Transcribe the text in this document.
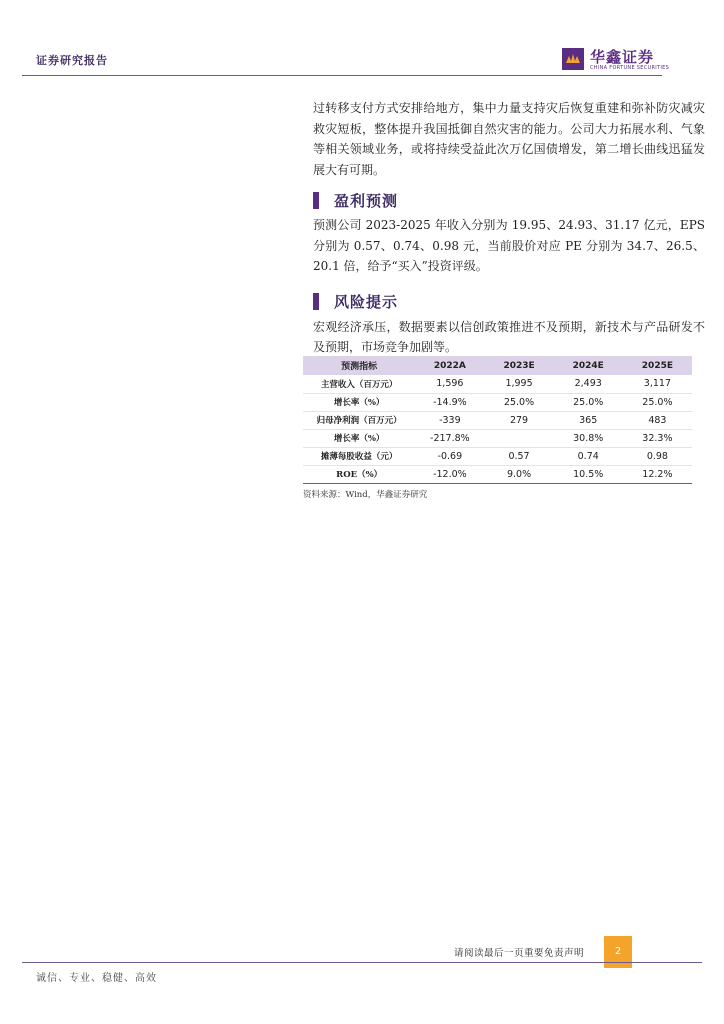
证券研究报告	华鑫证券
CHINA FORTUNE SECURITIES

过转移支付方式安排给地方，集中力量支持灾后恢复重建和弥补防灾减灾救灾短板，整体提升我国抵御自然灾害的能力。公司大力拓展水利、气象等相关领域业务，或将持续受益此次万亿国债增发，第二增长曲线迅猛发展大有可期。

盈利预测

预测公司 2023-2025 年收入分别为 19.95、24.93、31.17 亿元，EPS 分别为 0.57、0.74、0.98 元，当前股价对应 PE 分别为 34.7、26.5、20.1 倍，给予“买入”投资评级。

风险提示

宏观经济承压，数据要素以信创政策推进不及预期，新技术与产品研发不及预期，市场竞争加剧等。

预测指标	2022A	2023E	2024E	2025E
主营收入（百万元）	1,596	1,995	2,493	3,117
增长率（%）	-14.9%	25.0%	25.0%	25.0%
归母净利润（百万元）	-339	279	365	483
增长率（%）	-217.8%		30.8%	32.3%
摊薄每股收益（元）	-0.69	0.57	0.74	0.98
ROE（%）	-12.0%	9.0%	10.5%	12.2%
资料来源：Wind，华鑫证券研究
请阅读最后一页重要免责声明	2
诚信、专业、稳健、高效
